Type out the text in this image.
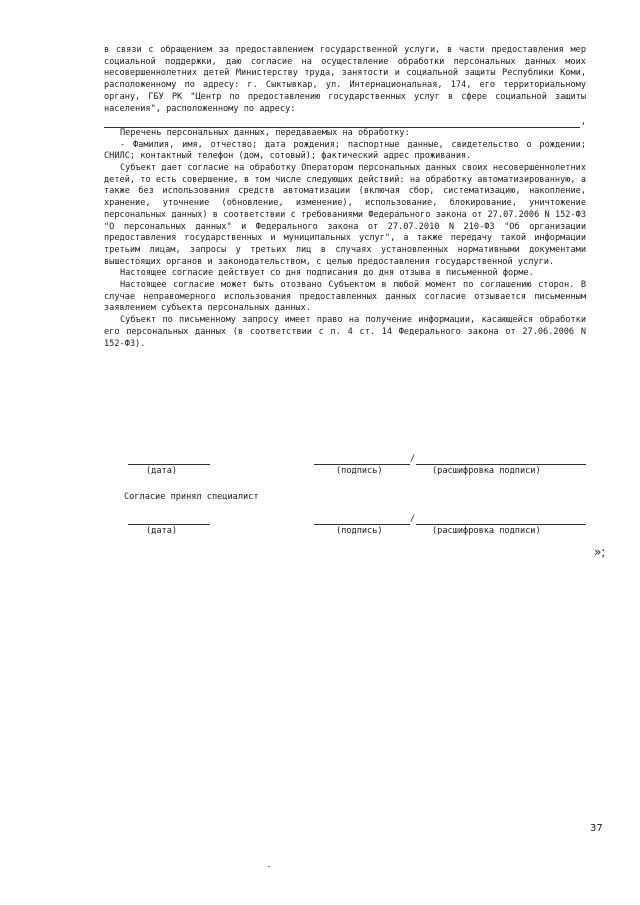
в связи с обращением за предоставлением государственной услуги, в части предоставления мер социальной поддержки, даю согласие на осуществление обработки персональных данных моих несовершеннолетних детей Министерству труда, занятости и социальной защиты Республики Коми, расположенному по адресу: г. Сыктывкар, ул. Интернациональная, 174, его территориальному органу, ГБУ РК "Центр по предоставлению государственных услуг в сфере социальной защиты населения", расположенному по адресу:

,

Перечень персональных данных, передаваемых на обработку:

- Фамилия, имя, отчество; дата рождения; паспортные данные, свидетельство о рождении; СНИЛС; контактный телефон (дом, сотовый); фактический адрес проживания.

Субъект дает согласие на обработку Оператором персональных данных своих несовершеннолетних детей, то есть совершение, в том числе следующих действий: на обработку автоматизированную, а также без использования средств автоматизации (включая сбор, систематизацию, накопление, хранение, уточнение (обновление, изменение), использование, блокирование, уничтожение персональных данных) в соответствии с требованиями Федерального закона от 27.07.2006 N 152-ФЗ "О персональных данных" и Федерального закона от 27.07.2010 N 210-ФЗ "Об организации предоставления государственных и муниципальных услуг", а также передачу такой информации третьим лицам, запросы у третьих лиц в случаях установленных нормативными документами вышестоящих органов и законодательством, с целью предоставления государственной услуги.

Настоящее согласие действует со дня подписания до дня отзыва в письменной форме.

Настоящее согласие может быть отозвано Субъектом в любой момент по соглашению сторон. В случае неправомерного использования предоставленных данных согласие отзывается письменным заявлением субъекта персональных данных.

Субъект по письменному запросу имеет право на получение информации, касающейся обработки его персональных данных (в соответствии с п. 4 ст. 14 Федерального закона от 27.06.2006 N 152-ФЗ).

(дата)
/
(подпись)	(расшифровка подписи)
Согласие принял специалист
(дата)
/
(подпись)	(расшифровка подписи)
»;
37
